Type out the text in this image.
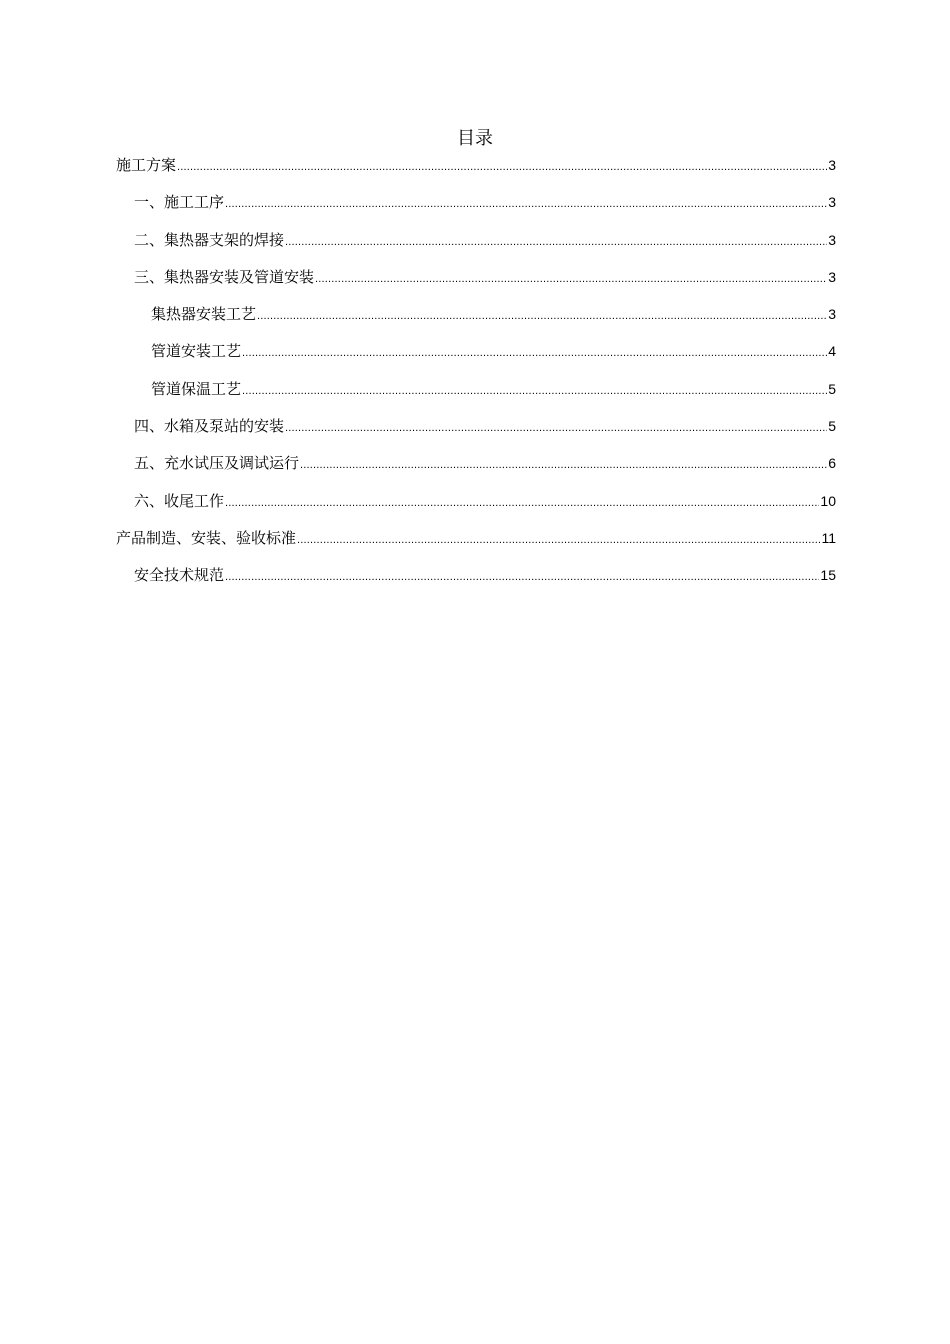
目录
施工方案 .....	3
一、施工工序 .....	3
二、集热器支架的焊接 .....	3
三、集热器安装及管道安装 .....	3
集热器安装工艺 .....	3
管道安装工艺 .....	4
管道保温工艺 .....	5
四、水箱及泵站的安装 .....	5
五、充水试压及调试运行 .....	6
六、收尾工作 .....	10
产品制造、安装、验收标准 .....	11
安全技术规范 .....	15
